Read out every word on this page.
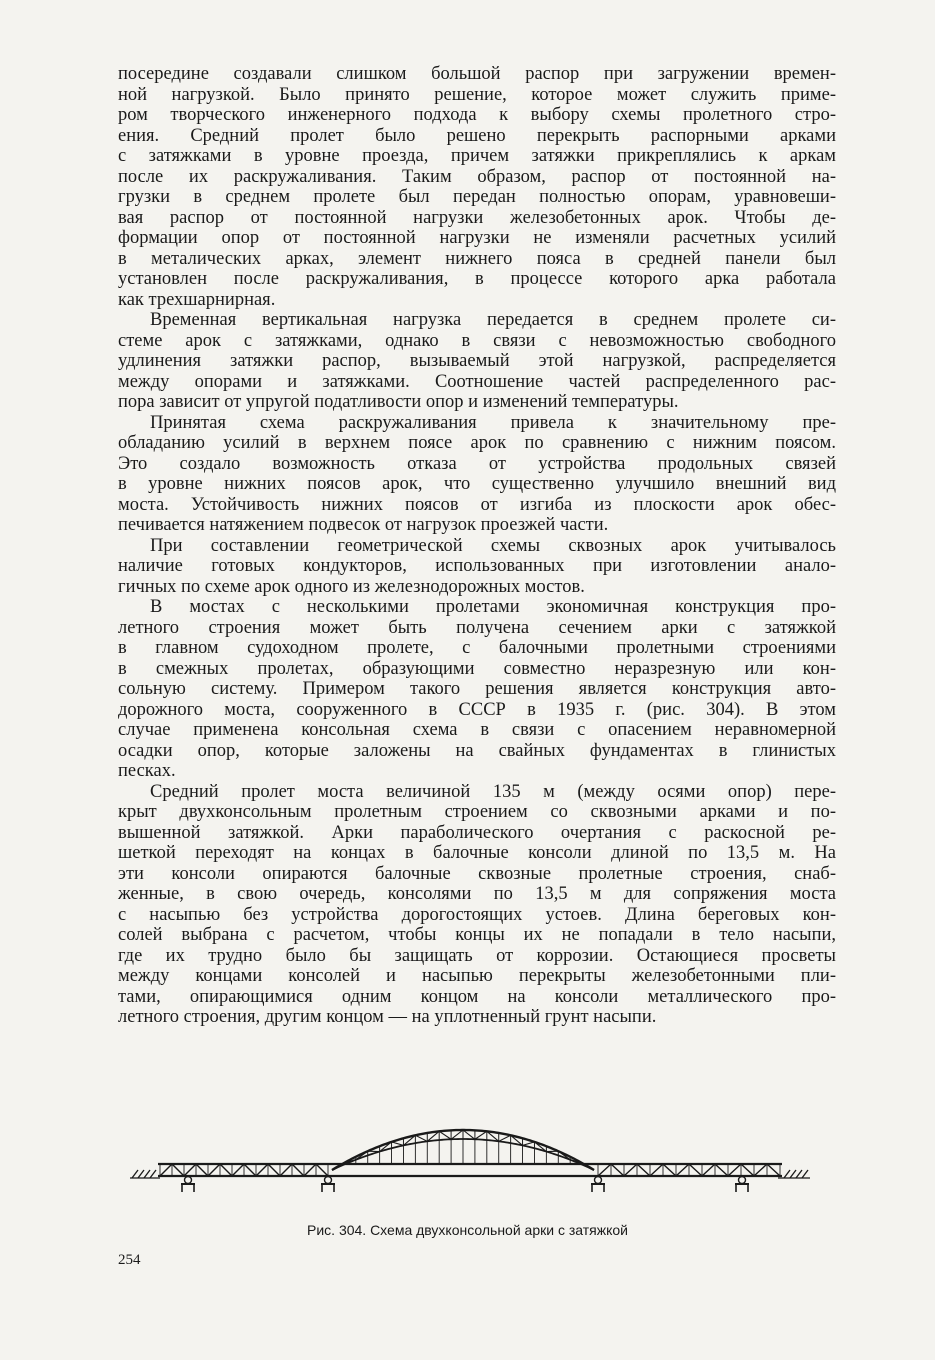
посередине создавали слишком большой распор при загружении времен-
ной нагрузкой. Было принято решение, которое может служить приме-
ром творческого инженерного подхода к выбору схемы пролетного стро-
ения. Средний пролет было решено перекрыть распорными арками
с затяжками в уровне проезда, причем затяжки прикреплялись к аркам
после их раскружаливания. Таким образом, распор от постоянной на-
грузки в среднем пролете был передан полностью опорам, уравновеши-
вая распор от постоянной нагрузки железобетонных арок. Чтобы де-
формации опор от постоянной нагрузки не изменяли расчетных усилий
в металических арках, элемент нижнего пояса в средней панели был
установлен после раскружаливания, в процессе которого арка работала
как трехшарнирная.

Временная вертикальная нагрузка передается в среднем пролете си-
стеме арок с затяжками, однако в связи с невозможностью свободного
удлинения затяжки распор, вызываемый этой нагрузкой, распределяется
между опорами и затяжками. Соотношение частей распределенного рас-
пора зависит от упругой податливости опор и изменений температуры.

Принятая схема раскружаливания привела к значительному пре-
обладанию усилий в верхнем поясе арок по сравнению с нижним поясом.
Это создало возможность отказа от устройства продольных связей
в уровне нижних поясов арок, что существенно улучшило внешний вид
моста. Устойчивость нижних поясов от изгиба из плоскости арок обес-
печивается натяжением подвесок от нагрузок проезжей части.

При составлении геометрической схемы сквозных арок учитывалось
наличие готовых кондукторов, использованных при изготовлении анало-
гичных по схеме арок одного из железнодорожных мостов.

В мостах с несколькими пролетами экономичная конструкция про-
летного строения может быть получена сечением арки с затяжкой
в главном судоходном пролете, с балочными пролетными строениями
в смежных пролетах, образующими совместно неразрезную или кон-
сольную систему. Примером такого решения является конструкция авто-
дорожного моста, сооруженного в СССР в 1935 г. (рис. 304). В этом
случае применена консольная схема в связи с опасением неравномерной
осадки опор, которые заложены на свайных фундаментах в глинистых
песках.

Средний пролет моста величиной 135 м (между осями опор) пере-
крыт двухконсольным пролетным строением со сквозными арками и по-
вышенной затяжкой. Арки параболического очертания с раскосной ре-
шеткой переходят на концах в балочные консоли длиной по 13,5 м. На
эти консоли опираются балочные сквозные пролетные строения, снаб-
женные, в свою очередь, консолями по 13,5 м для сопряжения моста
с насыпью без устройства дорогостоящих устоев. Длина береговых кон-
солей выбрана с расчетом, чтобы концы их не попадали в тело насыпи,
где их трудно было бы защищать от коррозии. Остающиеся просветы
между концами консолей и насыпью перекрыты железобетонными пли-
тами, опирающимися одним концом на консоли металлического про-
летного строения, другим концом — на уплотненный грунт насыпи.

Рис. 304. Схема двухконсольной арки с затяжкой
254
